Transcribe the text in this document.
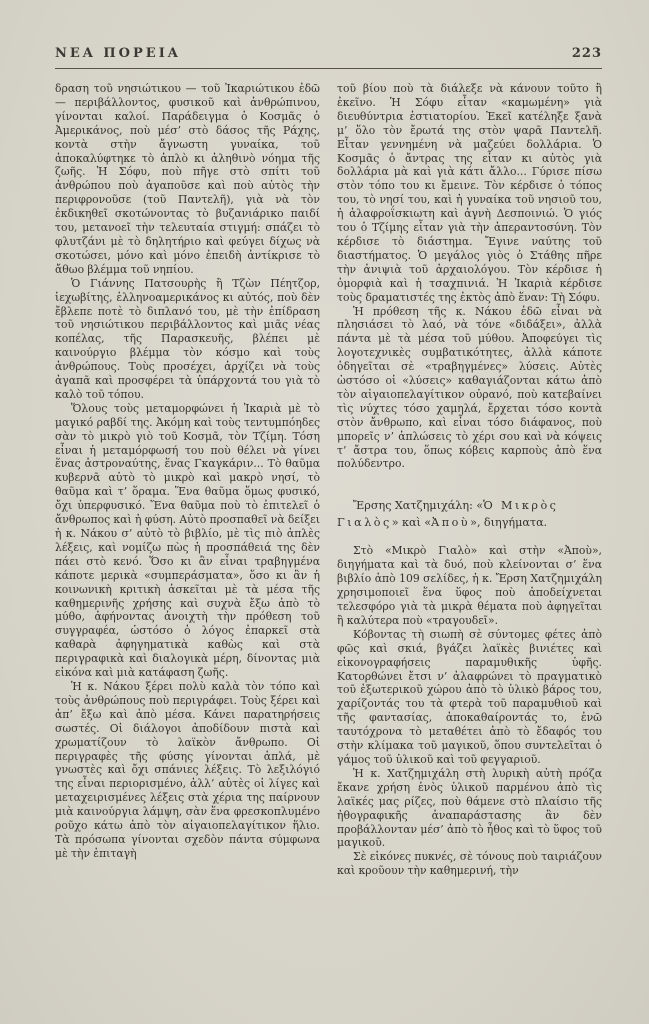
ΝΕΑ ΠΟΡΕΙΑ	223

δραση τοῦ νησιώτικου — τοῦ Ἰκαριώτικου ἐδῶ — περιβάλλοντος, φυσικοῦ καὶ ἀνθρώπινου, γίνονται καλοί. Παράδειγμα ὁ Κοσμᾶς ὁ Ἀμερικάνος, ποὺ μέσ’ στὸ δάσος τῆς Ράχης, κοντὰ στὴν ἄγνωστη γυναίκα, τοῦ ἀποκαλύφτηκε τὸ ἁπλὸ κι ἀληθινὸ νόημα τῆς ζωῆς. Ἡ Σόφυ, ποὺ πῆγε στὸ σπίτι τοῦ ἀνθρώπου ποὺ ἀγαποῦσε καὶ ποὺ αὐτὸς τὴν περιφρονοῦσε (τοῦ Παντελῆ), γιὰ νὰ τὸν ἐκδικηθεῖ σκοτώνοντας τὸ βυζανιάρικο παιδί του, μετανοεῖ τὴν τελευταία στιγμή: σπάζει τὸ φλυτζάνι μὲ τὸ δηλητήριο καὶ φεύγει δίχως νὰ σκοτώσει, μόνο καὶ μόνο ἐπειδὴ ἀντίκρισε τὸ ἄθωο βλέμμα τοῦ νηπίου.

Ὁ Γιάννης Πατσουρὴς ἢ Τζὼν Πέητζορ, ἰεχωβίτης, ἑλληνοαμερικάνος κι αὐτός, ποὺ δὲν ἔβλεπε ποτὲ τὸ διπλανό του, μὲ τὴν ἐπίδραση τοῦ νησιώτικου περιβάλλοντος καὶ μιᾶς νέας κοπέλας, τῆς Παρασκευῆς, βλέπει μὲ καινούργιο βλέμμα τὸν κόσμο καὶ τοὺς ἀνθρώπους. Τοὺς προσέχει, ἀρχίζει νὰ τοὺς ἀγαπᾶ καὶ προσφέρει τὰ ὑπάρχοντά του γιὰ τὸ καλὸ τοῦ τόπου.

Ὅλους τοὺς μεταμορφώνει ἡ Ἰκαριὰ μὲ τὸ μαγικό ραβδί της. Ἀκόμη καὶ τοὺς τεντυμπόηδες σὰν τὸ μικρὸ γιὸ τοῦ Κοσμᾶ, τὸν Τζίμη. Τόση εἶναι ἡ μεταμόρφωσή του ποὺ θέλει νὰ γίνει ἕνας ἀστροναύτης, ἕνας Γκαγκάριν... Τὸ θαῦμα κυβερνᾶ αὐτὸ τὸ μικρὸ καὶ μακρὸ νησί, τὸ θαῦμα καὶ τ’ ὅραμα. Ἕνα θαῦμα ὅμως φυσικό, ὄχι ὑπερφυσικό. Ἕνα θαῦμα ποὺ τὸ ἐπιτελεῖ ὁ ἄνθρωπος καὶ ἡ φύση. Αὐτὸ προσπαθεῖ νὰ δείξει ἡ κ. Νάκου σ’ αὐτὸ τὸ βιβλίο, μὲ τὶς πιὸ ἁπλὲς λέξεις, καὶ νομίζω πὼς ἡ προσπάθειά της δὲν πάει στὸ κενό. Ὅσο κι ἂν εἶναι τραβηγμένα κάποτε μερικὰ «συμπεράσματα», ὅσο κι ἂν ἡ κοινωνικὴ κριτικὴ ἀσκεῖται μὲ τὰ μέσα τῆς καθημερινῆς χρήσης καὶ συχνὰ ἔξω ἀπὸ τὸ μύθο, ἀφήνοντας ἀνοιχτὴ τὴν πρόθεση τοῦ συγγραφέα, ὡστόσο ὁ λόγος ἐπαρκεῖ στὰ καθαρὰ ἀφηγηματικὰ καθὼς καὶ στὰ περιγραφικὰ καὶ διαλογικὰ μέρη, δίνοντας μιὰ εἰκόνα καὶ μιὰ κατάφαση ζωῆς.

Ἡ κ. Νάκου ξέρει πολὺ καλὰ τὸν τόπο καὶ τοὺς ἀνθρώπους ποὺ περιγράφει. Τοὺς ξέρει καὶ ἀπ’ ἔξω καὶ ἀπὸ μέσα. Κάνει παρατηρήσεις σωστές. Οἱ διάλογοι ἀποδίδουν πιστὰ καὶ χρωματίζουν τὸ λαϊκὸν ἄνθρωπο. Οἱ περιγραφὲς τῆς φύσης γίνονται ἁπλά, μὲ γνωστὲς καὶ ὄχι σπάνιες λέξεις. Τὸ λεξιλόγιό της εἶναι περιορισμένο, ἀλλ’ αὐτὲς οἱ λίγες καὶ μεταχειρισμένες λέξεις στὰ χέρια της παίρνουν μιὰ καινούργια λάμψη, σὰν ἕνα φρεσκοπλυμένο ροῦχο κάτω ἀπὸ τὸν αἰγαιοπελαγίτικον ἥλιο. Τὰ πρόσωπα γίνονται σχεδὸν πάντα σύμφωνα μὲ τὴν ἐπιταγὴ

τοῦ βίου ποὺ τὰ διάλεξε νὰ κάνουν τοῦτο ἢ ἐκεῖνο. Ἡ Σόφυ εἶταν «καμωμένη» γιὰ διευθύντρια ἑστιατορίου. Ἐκεῖ κατέληξε ξανὰ μ’ ὅλο τὸν ἔρωτά της στὸν ψαρᾶ Παντελῆ. Εἶταν γεννημένη νὰ μαζεύει δολλάρια. Ὁ Κοσμᾶς ὁ ἄντρας της εἶταν κι αὐτὸς γιὰ δολλάρια μὰ καὶ γιὰ κάτι ἄλλο... Γύρισε πίσω στὸν τόπο του κι ἔμεινε. Τὸν κέρδισε ὁ τόπος του, τὸ νησί του, καὶ ἡ γυναίκα τοῦ νησιοῦ του, ἡ ἀλαφροΐσκιωτη καὶ ἁγνὴ Δεσποινιώ. Ὁ γιός του ὁ Τζίμης εἶταν γιὰ τὴν ἀπεραντοσύνη. Τὸν κέρδισε τὸ διάστημα. Ἔγινε ναύτης τοῦ διαστήματος. Ὁ μεγάλος γιὸς ὁ Στάθης πῆρε τὴν ἀνιψιὰ τοῦ ἀρχαιολόγου. Τὸν κέρδισε ἡ ὀμορφιὰ καὶ ἡ τσαχπινιά. Ἡ Ἰκαριὰ κέρδισε τοὺς δραματιστές της ἐκτὸς ἀπὸ ἕναν: Τὴ Σόφυ.

Ἡ πρόθεση τῆς κ. Νάκου ἐδῶ εἶναι νὰ πλησιάσει τὸ λαό, νὰ τόνε «διδάξει», ἀλλὰ πάντα μὲ τὰ μέσα τοῦ μύθου. Ἀποφεύγει τὶς λογοτεχνικὲς συμβατικότητες, ἀλλὰ κάποτε ὁδηγεῖται σὲ «τραβηγμένες» λύσεις. Αὐτὲς ὡστόσο οἱ «λύσεις» καθαγιάζονται κάτω ἀπὸ τὸν αἰγαιοπελαγίτικον οὐρανό, ποὺ κατεβαίνει τὶς νύχτες τόσο χαμηλά, ἔρχεται τόσο κοντὰ στὸν ἄνθρωπο, καὶ εἶναι τόσο διάφανος, ποὺ μπορεῖς ν’ ἁπλώσεις τὸ χέρι σου καὶ νὰ κόψεις τ’ ἄστρα του, ὅπως κόβεις καρποὺς ἀπὸ ἕνα πολύδεντρο.

Ἔρσης Χατζημιχάλη: «Ὁ Μικρὸς Γιαλὸς» καὶ «Ἀποὺ», διηγήματα.

Στὸ «Μικρὸ Γιαλὸ» καὶ στὴν «Ἀποὺ», διηγήματα καὶ τὰ δυό, ποὺ κλείνονται σ’ ἕνα βιβλίο ἀπὸ 109 σελίδες, ἡ κ. Ἔρση Χατζημιχάλη χρησιμοποιεῖ ἕνα ὕφος ποὺ ἀποδείχνεται τελεσφόρο γιὰ τὰ μικρὰ θέματα ποὺ ἀφηγεῖται ἢ καλύτερα ποὺ «τραγουδεῖ».

Κόβοντας τὴ σιωπὴ σὲ σύντομες φέτες ἀπὸ φῶς καὶ σκιά, βγάζει λαϊκὲς βινιέτες καὶ εἰκονογραφήσεις παραμυθικῆς ὑφῆς. Κατορθώνει ἔτσι ν’ ἀλαφρώνει τὸ πραγματικὸ τοῦ ἐξωτερικοῦ χώρου ἀπὸ τὸ ὑλικὸ βάρος του, χαρίζοντάς του τὰ φτερὰ τοῦ παραμυθιοῦ καὶ τῆς φαντασίας, ἀποκαθαίροντάς το, ἐνῶ ταυτόχρονα τὸ μεταθέτει ἀπὸ τὸ ἔδαφός του στὴν κλίμακα τοῦ μαγικοῦ, ὅπου συντελεῖται ὁ γάμος τοῦ ὑλικοῦ καὶ τοῦ φεγγαριοῦ.

Ἡ κ. Χατζημιχάλη στὴ λυρικὴ αὐτὴ πρόζα ἔκανε χρήση ἑνὸς ὑλικοῦ παρμένου ἀπὸ τὶς λαϊκές μας ρίζες, ποὺ θάμενε στὸ πλαίσιο τῆς ἠθογραφικῆς ἀναπαράστασης ἂν δὲν προβάλλονταν μέσ’ ἀπὸ τὸ ἦθος καὶ τὸ ὕφος τοῦ μαγικοῦ.

Σὲ εἰκόνες πυκνές, σὲ τόνους ποὺ ταιριάζουν καὶ κροῦουν τὴν καθημερινή, τὴν
